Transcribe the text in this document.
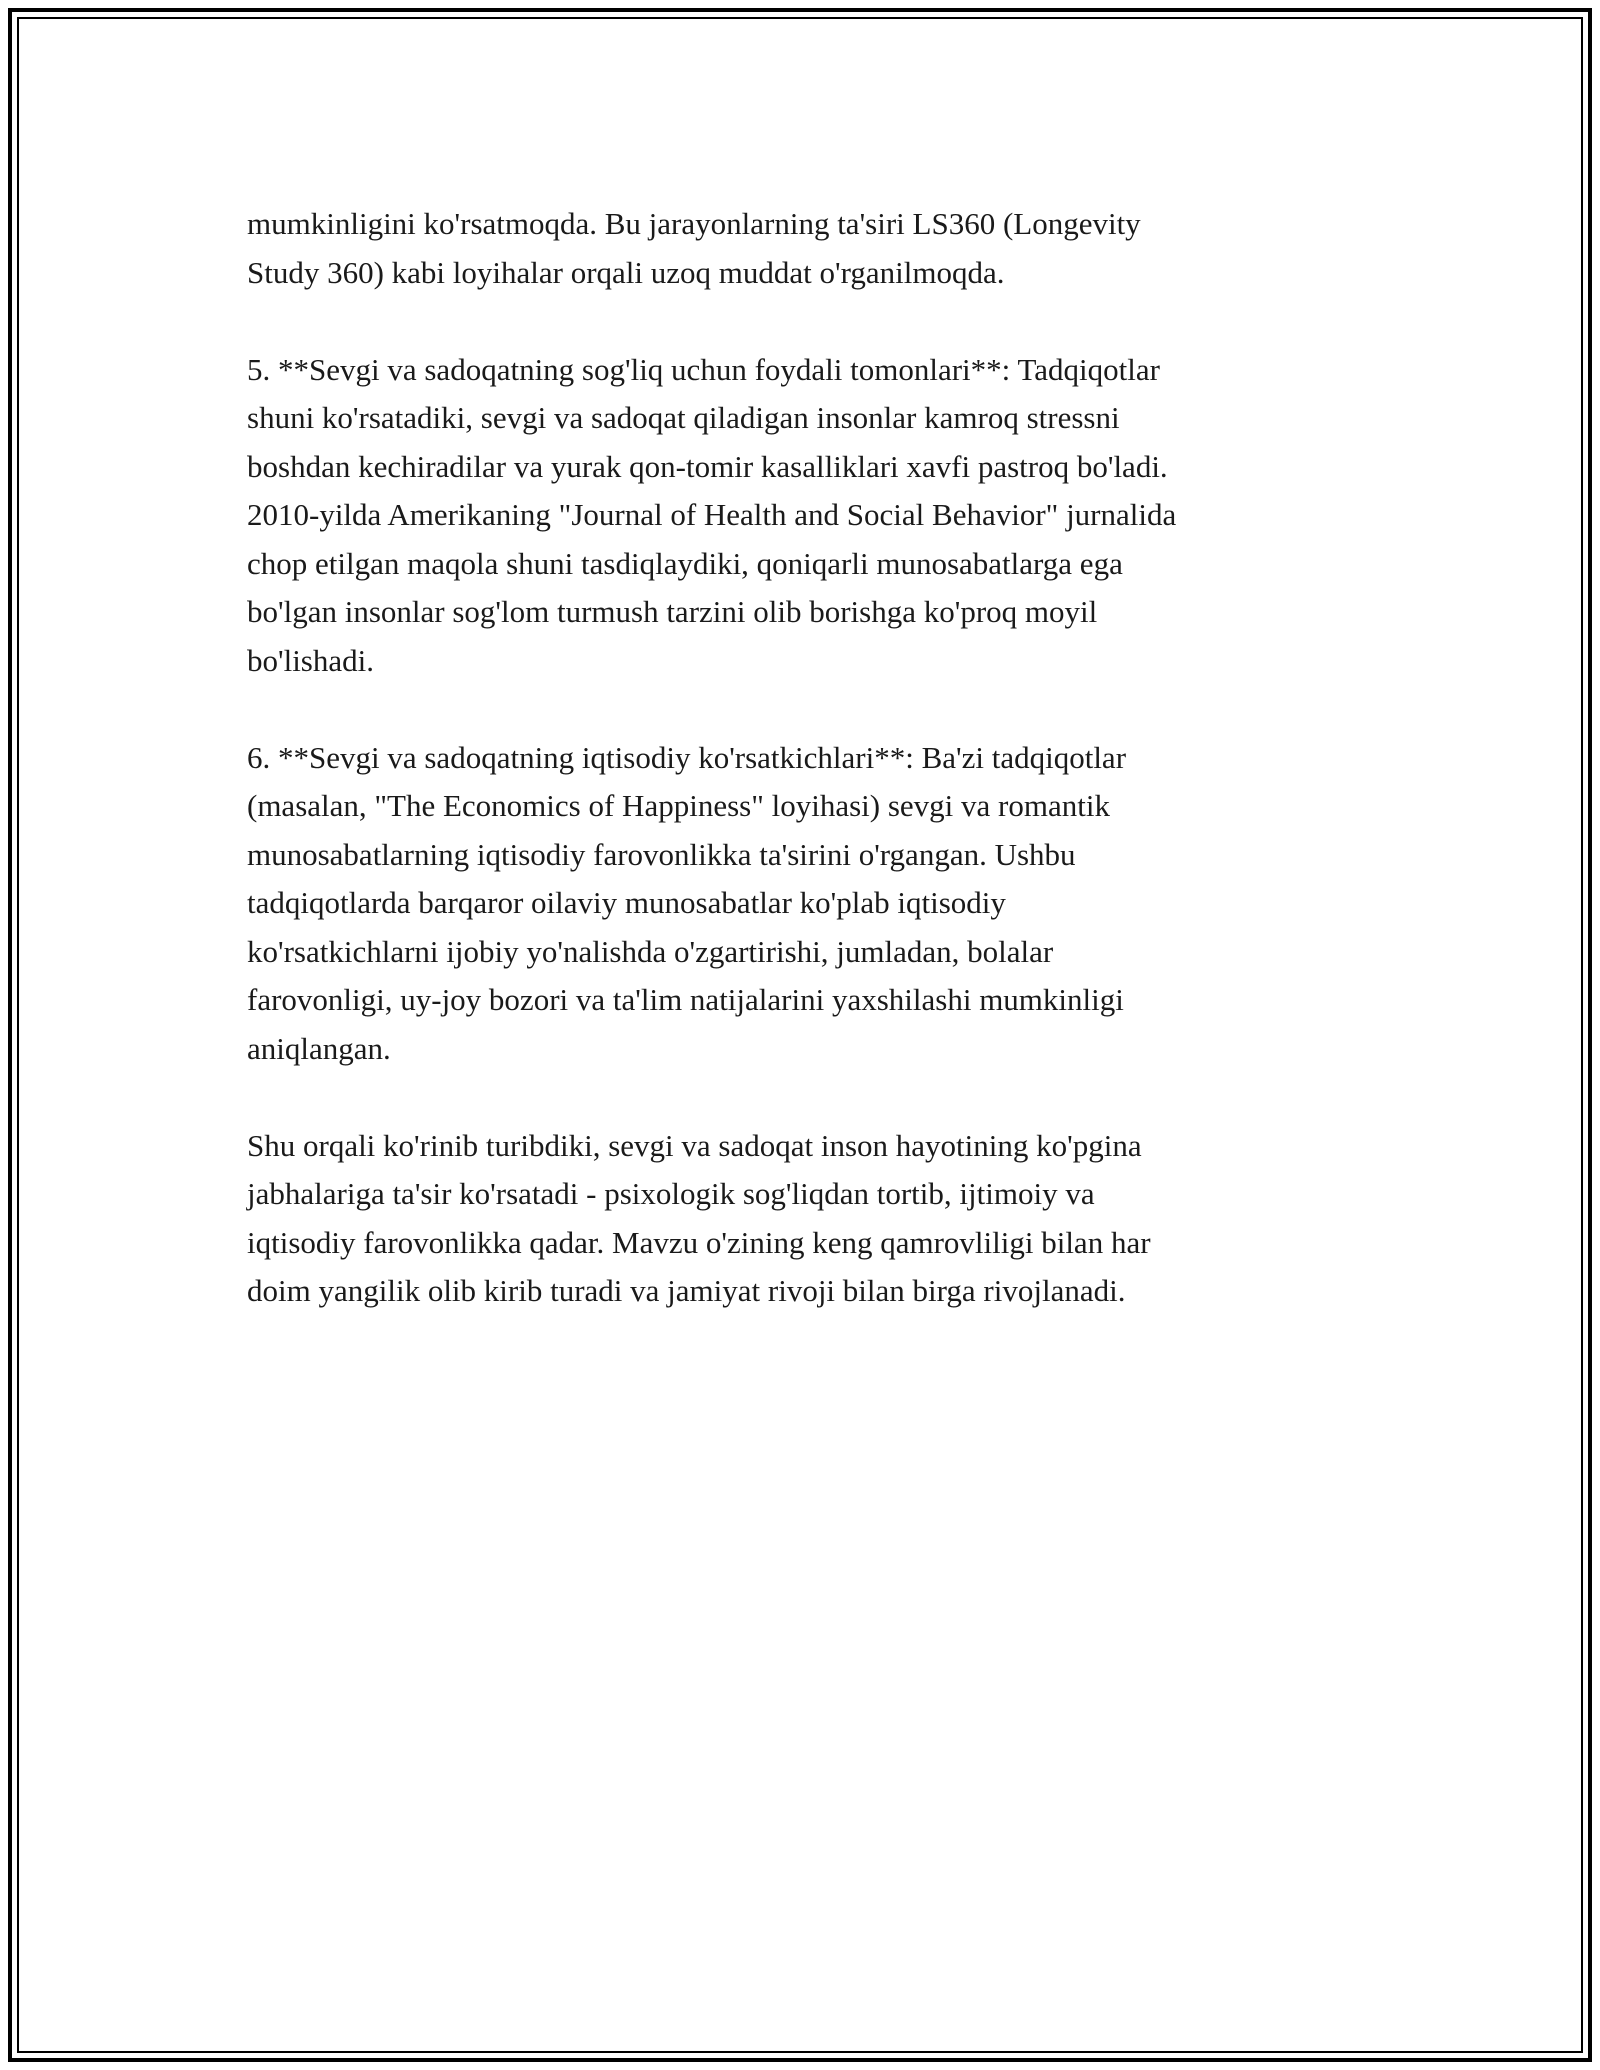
mumkinligini ko'rsatmoqda. Bu jarayonlarning ta'siri LS360 (Longevity
Study 360) kabi loyihalar orqali uzoq muddat o'rganilmoqda.

5. **Sevgi va sadoqatning sog'liq uchun foydali tomonlari**: Tadqiqotlar
shuni ko'rsatadiki, sevgi va sadoqat qiladigan insonlar kamroq stressni
boshdan kechiradilar va yurak qon-tomir kasalliklari xavfi pastroq bo'ladi.
2010-yilda Amerikaning "Journal of Health and Social Behavior" jurnalida
chop etilgan maqola shuni tasdiqlaydiki, qoniqarli munosabatlarga ega
bo'lgan insonlar sog'lom turmush tarzini olib borishga ko'proq moyil
bo'lishadi.

6. **Sevgi va sadoqatning iqtisodiy ko'rsatkichlari**: Ba'zi tadqiqotlar
(masalan, "The Economics of Happiness" loyihasi) sevgi va romantik
munosabatlarning iqtisodiy farovonlikka ta'sirini o'rgangan. Ushbu
tadqiqotlarda barqaror oilaviy munosabatlar ko'plab iqtisodiy
ko'rsatkichlarni ijobiy yo'nalishda o'zgartirishi, jumladan, bolalar
farovonligi, uy-joy bozori va ta'lim natijalarini yaxshilashi mumkinligi
aniqlangan.

Shu orqali ko'rinib turibdiki, sevgi va sadoqat inson hayotining ko'pgina
jabhalariga ta'sir ko'rsatadi - psixologik sog'liqdan tortib, ijtimoiy va
iqtisodiy farovonlikka qadar. Mavzu o'zining keng qamrovliligi bilan har
doim yangilik olib kirib turadi va jamiyat rivoji bilan birga rivojlanadi.
